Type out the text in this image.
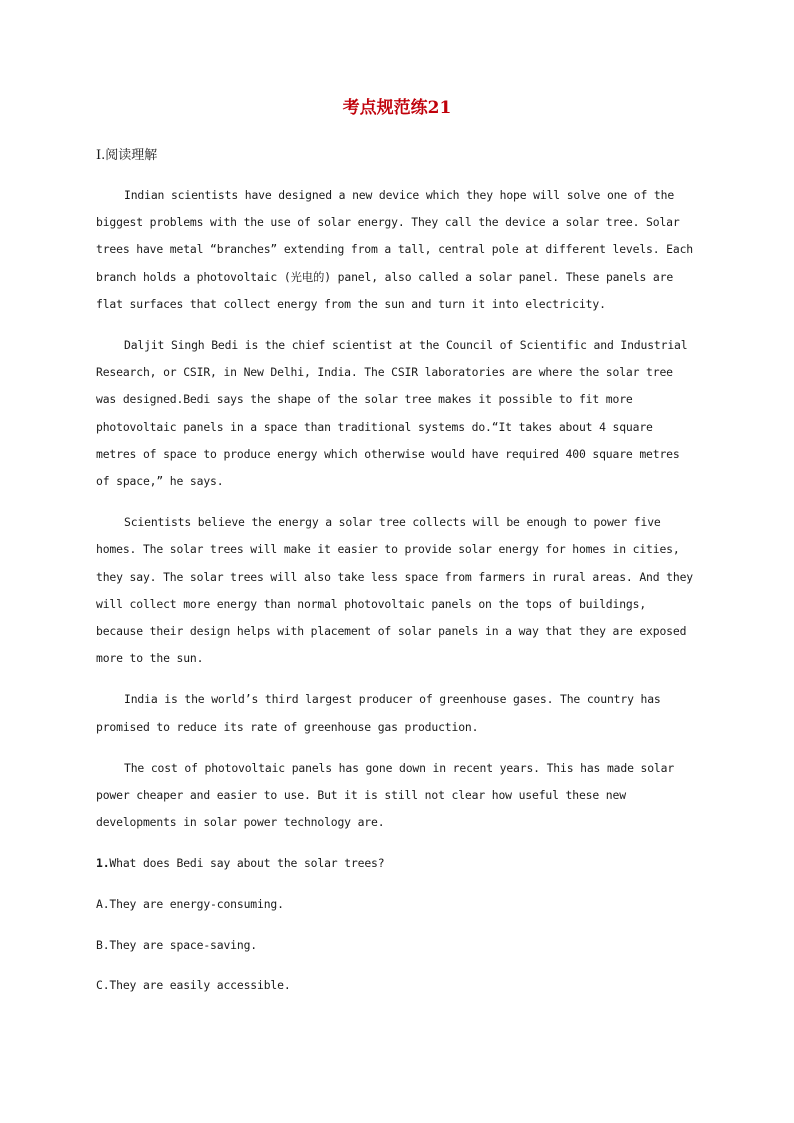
考点规范练21
Ⅰ.阅读理解

Indian scientists have designed a new device which they hope will solve one of the biggest problems with the use of solar energy. They call the device a solar tree. Solar trees have metal “branches” extending from a tall, central pole at different levels. Each branch holds a photovoltaic (光电的) panel, also called a solar panel. These panels are flat surfaces that collect energy from the sun and turn it into electricity.

Daljit Singh Bedi is the chief scientist at the Council of Scientific and Industrial Research, or CSIR, in New Delhi, India. The CSIR laboratories are where the solar tree was designed.Bedi says the shape of the solar tree makes it possible to fit more photovoltaic panels in a space than traditional systems do.“It takes about 4 square metres of space to produce energy which otherwise would have required 400 square metres of space,” he says.

Scientists believe the energy a solar tree collects will be enough to power five homes. The solar trees will make it easier to provide solar energy for homes in cities, they say. The solar trees will also take less space from farmers in rural areas. And they will collect more energy than normal photovoltaic panels on the tops of buildings, because their design helps with placement of solar panels in a way that they are exposed more to the sun.

India is the world’s third largest producer of greenhouse gases. The country has promised to reduce its rate of greenhouse gas production.

The cost of photovoltaic panels has gone down in recent years. This has made solar power cheaper and easier to use. But it is still not clear how useful these new developments in solar power technology are.

1.What does Bedi say about the solar trees?
A.They are energy-consuming.
B.They are space-saving.
C.They are easily accessible.
